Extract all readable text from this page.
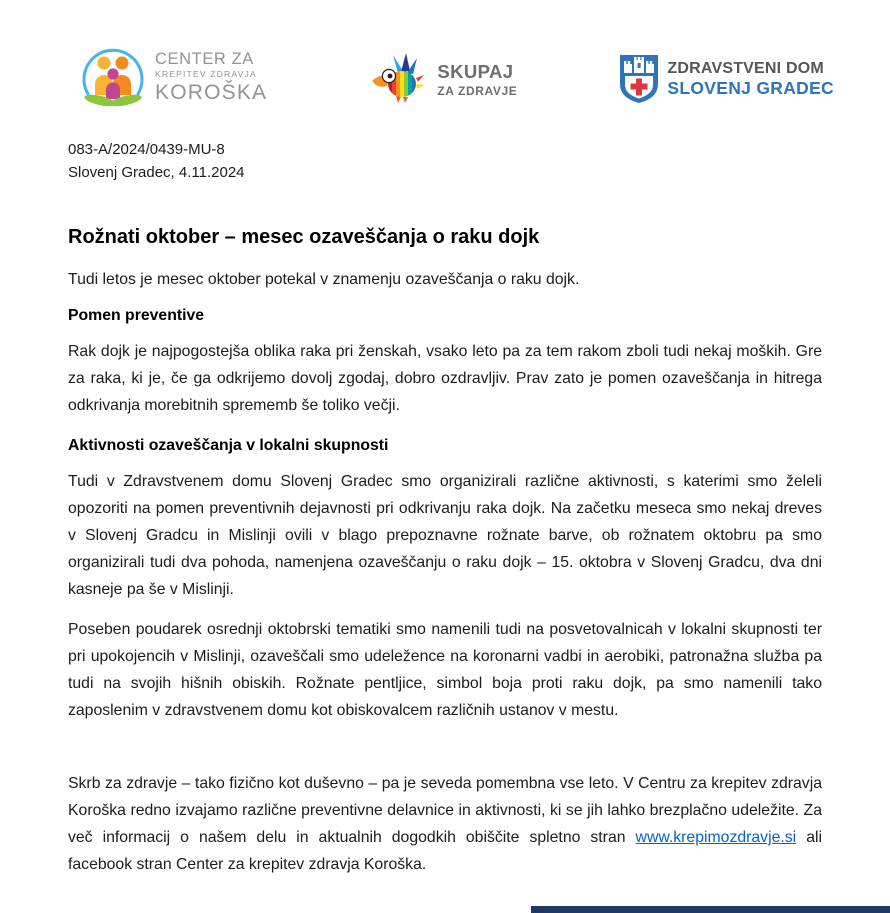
CENTER ZA
KREPITEV ZDRAVJA
KOROŠKA
SKUPAJ
ZA ZDRAVJE
ZDRAVSTVENI DOM
SLOVENJ GRADEC
083-A/2024/0439-MU-8
Slovenj Gradec, 4.11.2024
Rožnati oktober – mesec ozaveščanja o raku dojk

Tudi letos je mesec oktober potekal v znamenju ozaveščanja o raku dojk.

Pomen preventive

Rak dojk je najpogostejša oblika raka pri ženskah, vsako leto pa za tem rakom zboli tudi nekaj moških. Gre za raka, ki je, če ga odkrijemo dovolj zgodaj, dobro ozdravljiv. Prav zato je pomen ozaveščanja in hitrega odkrivanja morebitnih sprememb še toliko večji.

Aktivnosti ozaveščanja v lokalni skupnosti

Tudi v Zdravstvenem domu Slovenj Gradec smo organizirali različne aktivnosti, s katerimi smo želeli opozoriti na pomen preventivnih dejavnosti pri odkrivanju raka dojk. Na začetku meseca smo nekaj dreves v Slovenj Gradcu in Mislinji ovili v blago prepoznavne rožnate barve, ob rožnatem oktobru pa smo organizirali tudi dva pohoda, namenjena ozaveščanju o raku dojk – 15. oktobra v Slovenj Gradcu, dva dni kasneje pa še v Mislinji.

Poseben poudarek osrednji oktobrski tematiki smo namenili tudi na posvetovalnicah v lokalni skupnosti ter pri upokojencih v Mislinji, ozaveščali smo udeležence na koronarni vadbi in aerobiki, patronažna služba pa tudi na svojih hišnih obiskih. Rožnate pentljice, simbol boja proti raku dojk, pa smo namenili tako zaposlenim v zdravstvenem domu kot obiskovalcem različnih ustanov v mestu.

Skrb za zdravje – tako fizično kot duševno – pa je seveda pomembna vse leto. V Centru za krepitev zdravja Koroška redno izvajamo različne preventivne delavnice in aktivnosti, ki se jih lahko brezplačno udeležite. Za več informacij o našem delu in aktualnih dogodkih obiščite spletno stran www.krepimozdravje.si ali facebook stran Center za krepitev zdravja Koroška.
